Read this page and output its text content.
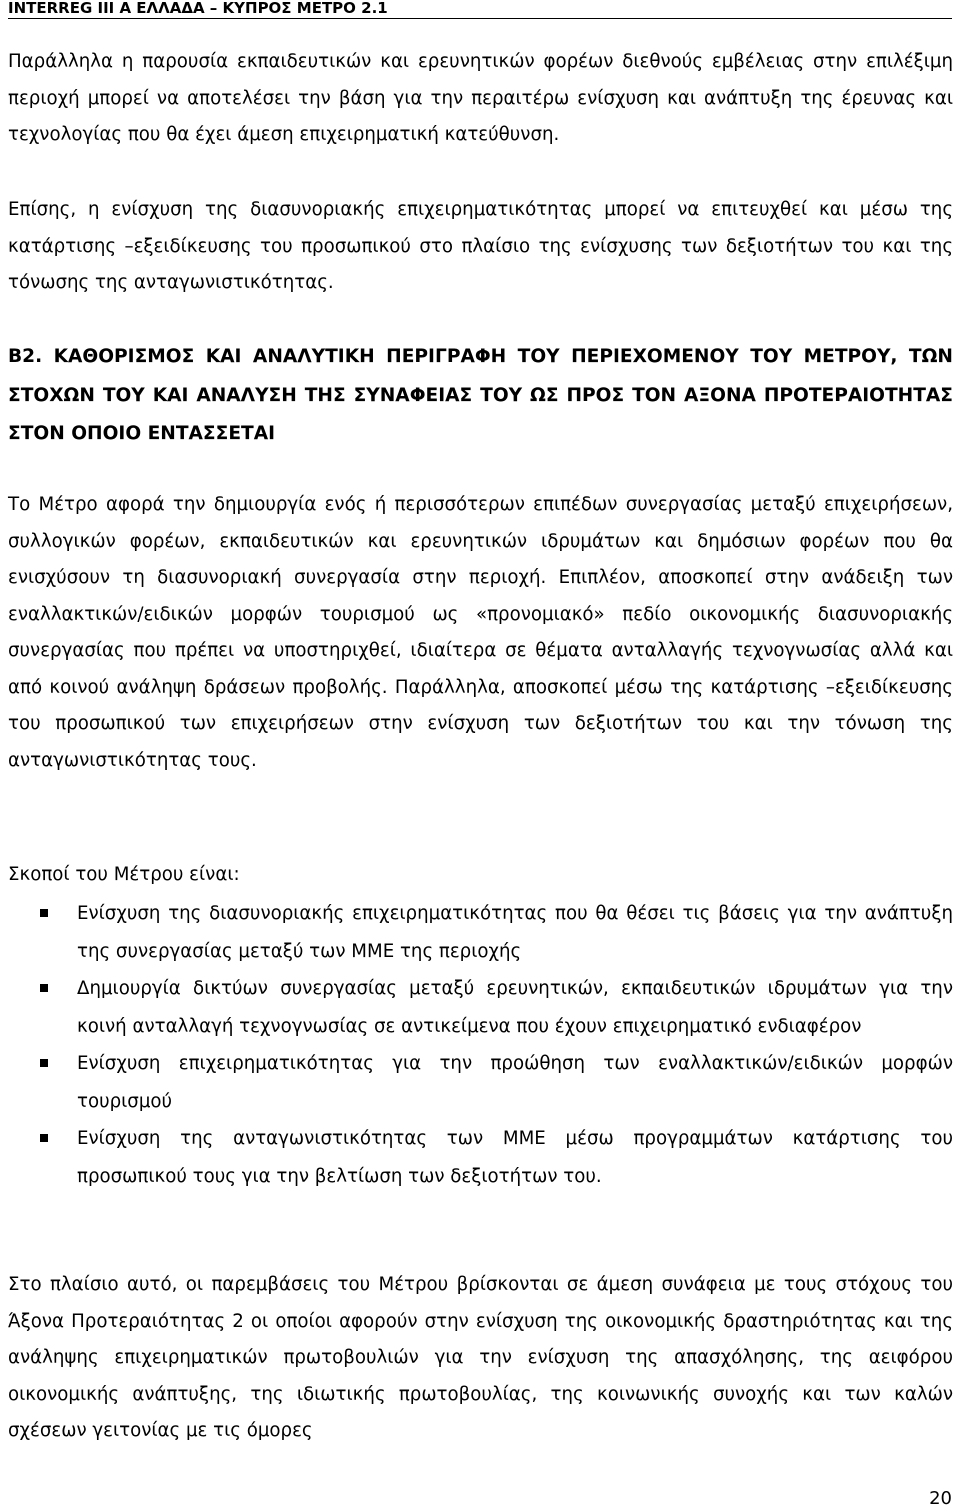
INTERREG III A ΕΛΛΑΔΑ – ΚΥΠΡΟΣ ΜΕΤΡΟ 2.1

Παράλληλα η παρουσία εκπαιδευτικών και ερευνητικών φορέων διεθνούς εμβέλειας στην επιλέξιμη περιοχή μπορεί να αποτελέσει την βάση για την περαιτέρω ενίσχυση και ανάπτυξη της έρευνας και τεχνολογίας που θα έχει άμεση επιχειρηματική κατεύθυνση.

Επίσης, η ενίσχυση της διασυνοριακής επιχειρηματικότητας μπορεί να επιτευχθεί και μέσω της κατάρτισης –εξειδίκευσης του προσωπικού στο πλαίσιο της ενίσχυσης των δεξιοτήτων του και της τόνωσης της ανταγωνιστικότητας.

Β2. ΚΑΘΟΡΙΣΜΟΣ ΚΑΙ ΑΝΑΛΥΤΙΚΗ ΠΕΡΙΓΡΑΦΗ ΤΟΥ ΠΕΡΙΕΧΟΜΕΝΟΥ ΤΟΥ ΜΕΤΡΟΥ, ΤΩΝ ΣΤΟΧΩΝ ΤΟΥ ΚΑΙ ΑΝΑΛΥΣΗ ΤΗΣ ΣΥΝΑΦΕΙΑΣ ΤΟΥ ΩΣ ΠΡΟΣ ΤΟΝ ΑΞΟΝΑ ΠΡΟΤΕΡΑΙΟΤΗΤΑΣ ΣΤΟΝ ΟΠΟΙΟ ΕΝΤΑΣΣΕΤΑΙ

Το Μέτρο αφορά την δημιουργία ενός ή περισσότερων επιπέδων συνεργασίας μεταξύ επιχειρήσεων, συλλογικών φορέων, εκπαιδευτικών και ερευνητικών ιδρυμάτων και δημόσιων φορέων που θα ενισχύσουν τη διασυνοριακή συνεργασία στην περιοχή. Επιπλέον, αποσκοπεί στην ανάδειξη των εναλλακτικών/ειδικών μορφών τουρισμού ως «προνομιακό» πεδίο οικονομικής διασυνοριακής συνεργασίας που πρέπει να υποστηριχθεί, ιδιαίτερα σε θέματα ανταλλαγής τεχνογνωσίας αλλά και από κοινού ανάληψη δράσεων προβολής. Παράλληλα, αποσκοπεί μέσω της κατάρτισης –εξειδίκευσης του προσωπικού των επιχειρήσεων στην ενίσχυση των δεξιοτήτων του και την τόνωση της ανταγωνιστικότητας τους.

Σκοποί του Μέτρου είναι:

Ενίσχυση της διασυνοριακής επιχειρηματικότητας που θα θέσει τις βάσεις για την ανάπτυξη της συνεργασίας μεταξύ των ΜΜΕ της περιοχής
Δημιουργία δικτύων συνεργασίας μεταξύ ερευνητικών, εκπαιδευτικών ιδρυμάτων για την κοινή ανταλλαγή τεχνογνωσίας σε αντικείμενα που έχουν επιχειρηματικό ενδιαφέρον
Ενίσχυση επιχειρηματικότητας για την προώθηση των εναλλακτικών/ειδικών μορφών τουρισμού
Ενίσχυση της ανταγωνιστικότητας των ΜΜΕ μέσω προγραμμάτων κατάρτισης του προσωπικού τους για την βελτίωση των δεξιοτήτων του.

Στο πλαίσιο αυτό, οι παρεμβάσεις του Μέτρου βρίσκονται σε άμεση συνάφεια με τους στόχους του Άξονα Προτεραιότητας 2 οι οποίοι αφορούν στην ενίσχυση της οικονομικής δραστηριότητας και της ανάληψης επιχειρηματικών πρωτοβουλιών για την ενίσχυση της απασχόλησης, της αειφόρου οικονομικής ανάπτυξης, της ιδιωτικής πρωτοβουλίας, της κοινωνικής συνοχής και των καλών σχέσεων γειτονίας με τις όμορες

20
